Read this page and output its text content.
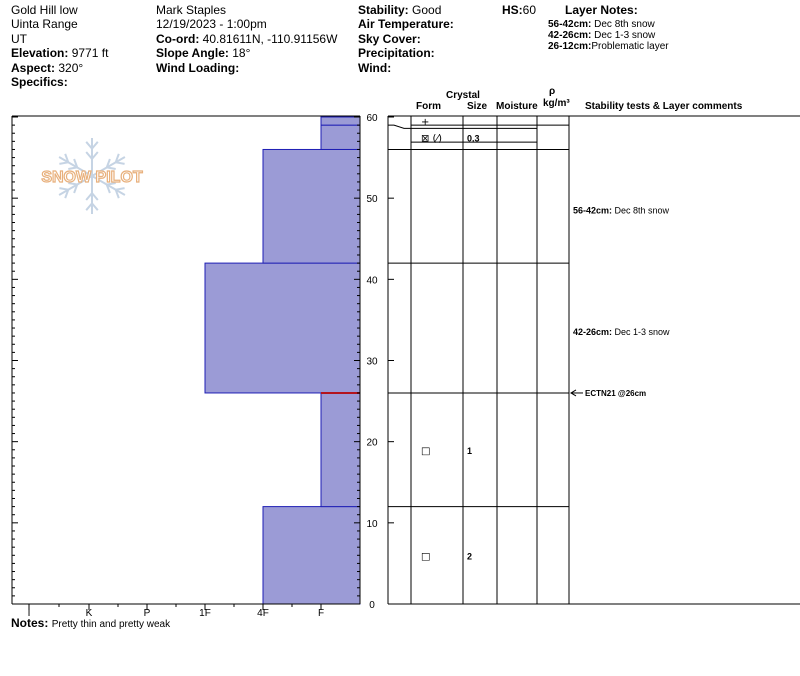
Gold Hill low
Uinta Range
UT
Elevation: 9771 ft
Aspect: 320°
Specifics:
Mark Staples
12/19/2023 - 1:00pm
Co-ord: 40.81611N, -110.91156W
Slope Angle: 18°
Wind Loading:
Stability: Good
Air Temperature:
Sky Cover:
Precipitation:
Wind:
HS:60 Layer Notes:
56-42cm: Dec 8th snow
42-26cm: Dec 1-3 snow
26-12cm:Problematic layer
Crystal
Form	Size Moisture
ρ
kg/m³ Stability tests & Layer comments
SNOW PILOT
0
10
20
30
40
50
60
I	K	P	1F	4F	F
+
⊠ (⁄)	0.3
□	1
□	2
56-42cm: Dec 8th snow
42-26cm: Dec 1-3 snow
ECTN21 @26cm
Notes: Pretty thin and pretty weak
